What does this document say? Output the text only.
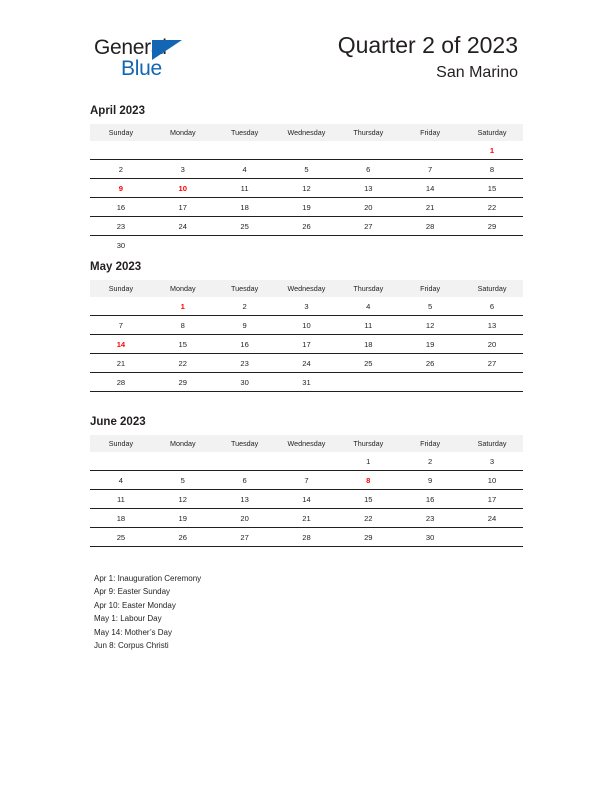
General
Blue
Quarter 2 of 2023
San Marino
April 2023
Sunday	Monday	Tuesday	Wednesday	Thursday	Friday	Saturday
						1
2	3	4	5	6	7	8
9	10	11	12	13	14	15
16	17	18	19	20	21	22
23	24	25	26	27	28	29
30						
May 2023
Sunday	Monday	Tuesday	Wednesday	Thursday	Friday	Saturday
	1	2	3	4	5	6
7	8	9	10	11	12	13
14	15	16	17	18	19	20
21	22	23	24	25	26	27
28	29	30	31			
June 2023
Sunday	Monday	Tuesday	Wednesday	Thursday	Friday	Saturday
				1	2	3
4	5	6	7	8	9	10
11	12	13	14	15	16	17
18	19	20	21	22	23	24
25	26	27	28	29	30	
Apr 1: Inauguration Ceremony
Apr 9: Easter Sunday
Apr 10: Easter Monday
May 1: Labour Day
May 14: Mother’s Day
Jun 8: Corpus Christi
